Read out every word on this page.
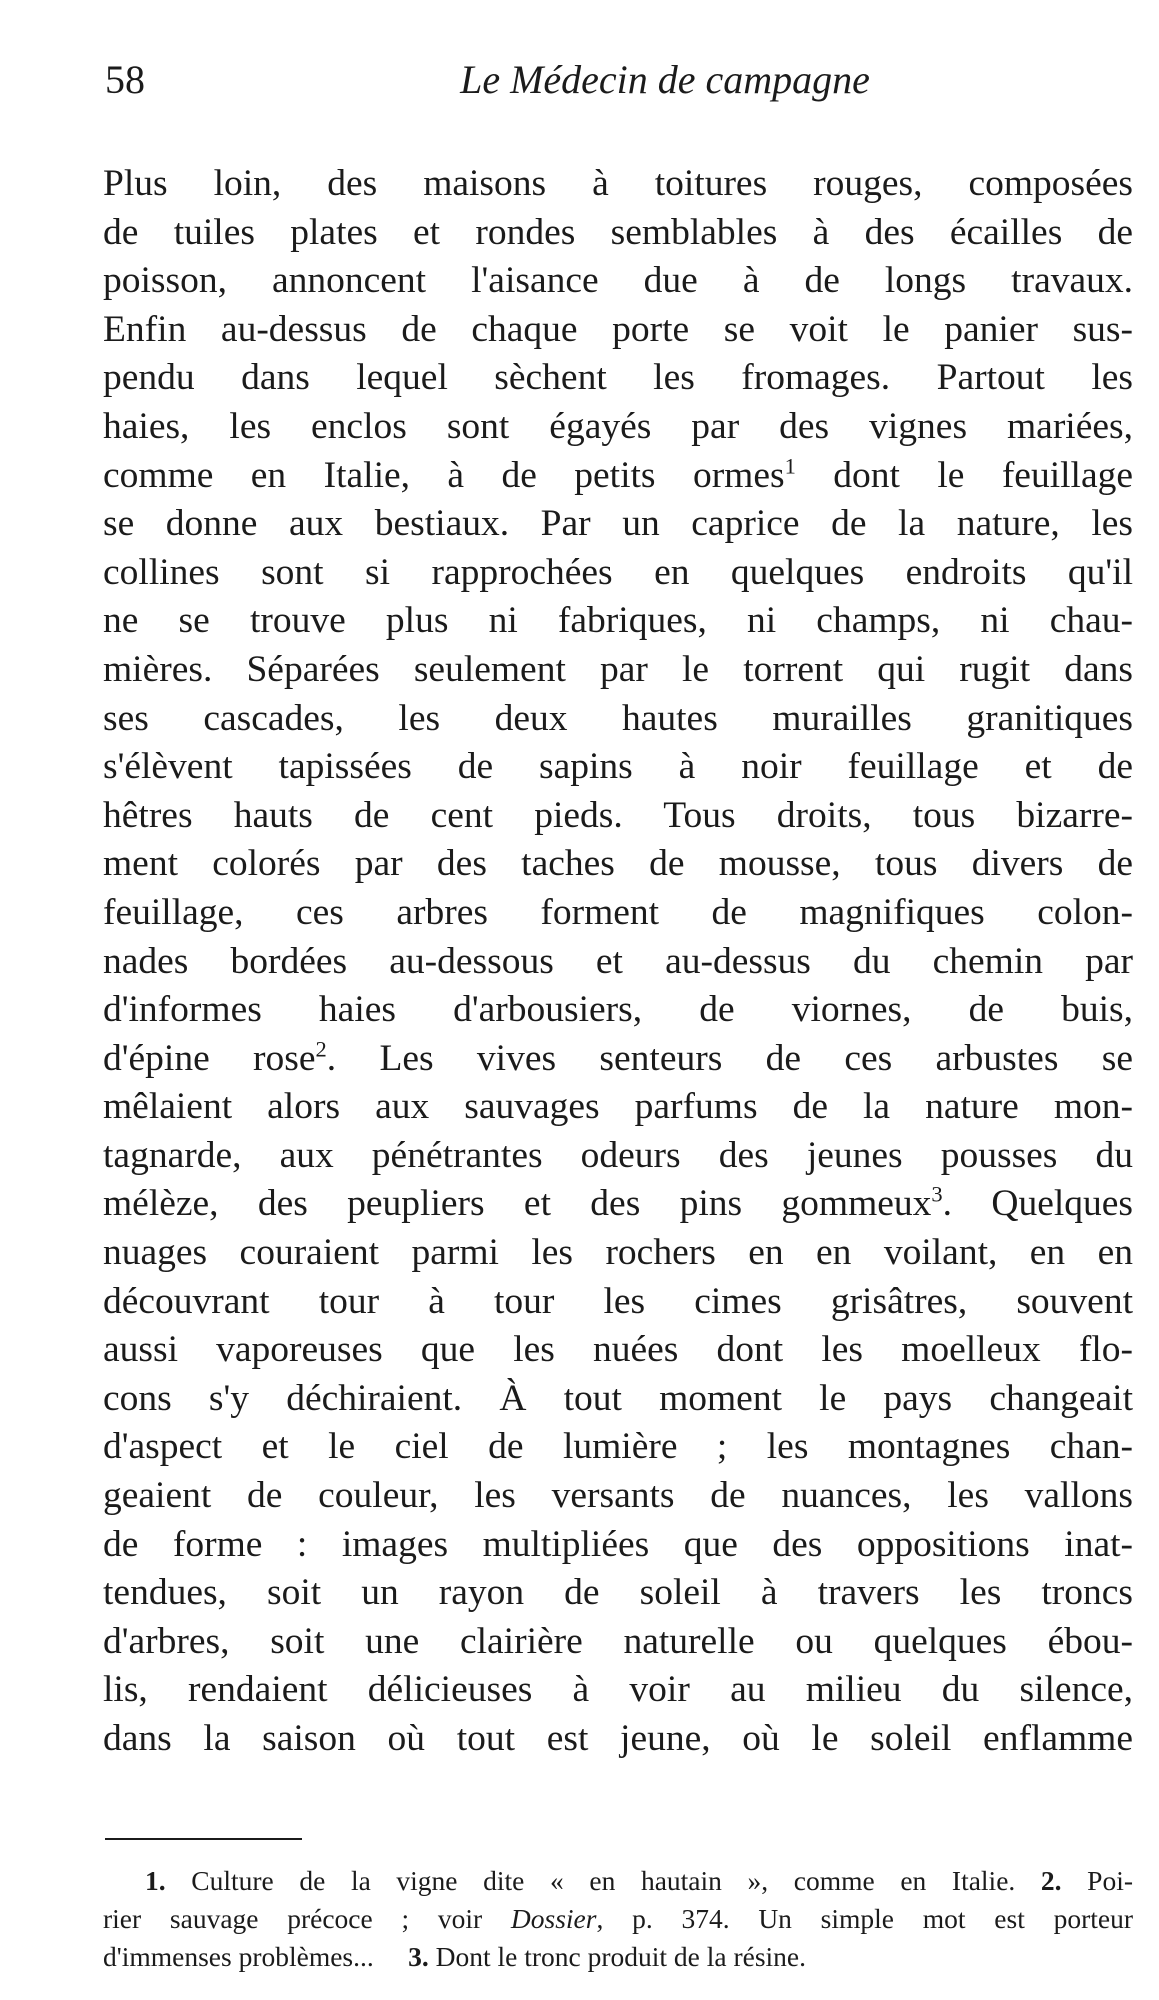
58	Le Médecin de campagne
Plus loin, des maisons à toitures rouges, composées
de tuiles plates et rondes semblables à des écailles de
poisson, annoncent l'aisance due à de longs travaux.
Enfin au-dessus de chaque porte se voit le panier sus-
pendu dans lequel sèchent les fromages. Partout les
haies, les enclos sont égayés par des vignes mariées,
comme en Italie, à de petits ormes$^1$ dont le feuillage
se donne aux bestiaux. Par un caprice de la nature, les
collines sont si rapprochées en quelques endroits qu'il
ne se trouve plus ni fabriques, ni champs, ni chau-
mières. Séparées seulement par le torrent qui rugit dans
ses cascades, les deux hautes murailles granitiques
s'élèvent tapissées de sapins à noir feuillage et de
hêtres hauts de cent pieds. Tous droits, tous bizarre-
ment colorés par des taches de mousse, tous divers de
feuillage, ces arbres forment de magnifiques colon-
nades bordées au-dessous et au-dessus du chemin par
d'informes haies d'arbousiers, de viornes, de buis,
d'épine rose$^2$. Les vives senteurs de ces arbustes se
mêlaient alors aux sauvages parfums de la nature mon-
tagnarde, aux pénétrantes odeurs des jeunes pousses du
mélèze, des peupliers et des pins gommeux$^3$. Quelques
nuages couraient parmi les rochers en en voilant, en en
découvrant tour à tour les cimes grisâtres, souvent
aussi vaporeuses que les nuées dont les moelleux flo-
cons s'y déchiraient. À tout moment le pays changeait
d'aspect et le ciel de lumière ; les montagnes chan-
geaient de couleur, les versants de nuances, les vallons
de forme : images multipliées que des oppositions inat-
tendues, soit un rayon de soleil à travers les troncs
d'arbres, soit une clairière naturelle ou quelques ébou-
lis, rendaient délicieuses à voir au milieu du silence,
dans la saison où tout est jeune, où le soleil enflamme
1. Culture de la vigne dite « en hautain », comme en Italie. 2. Poi-
rier sauvage précoce ; voir Dossier, p. 374. Un simple mot est porteur
d'immenses problèmes... 3. Dont le tronc produit de la résine.
